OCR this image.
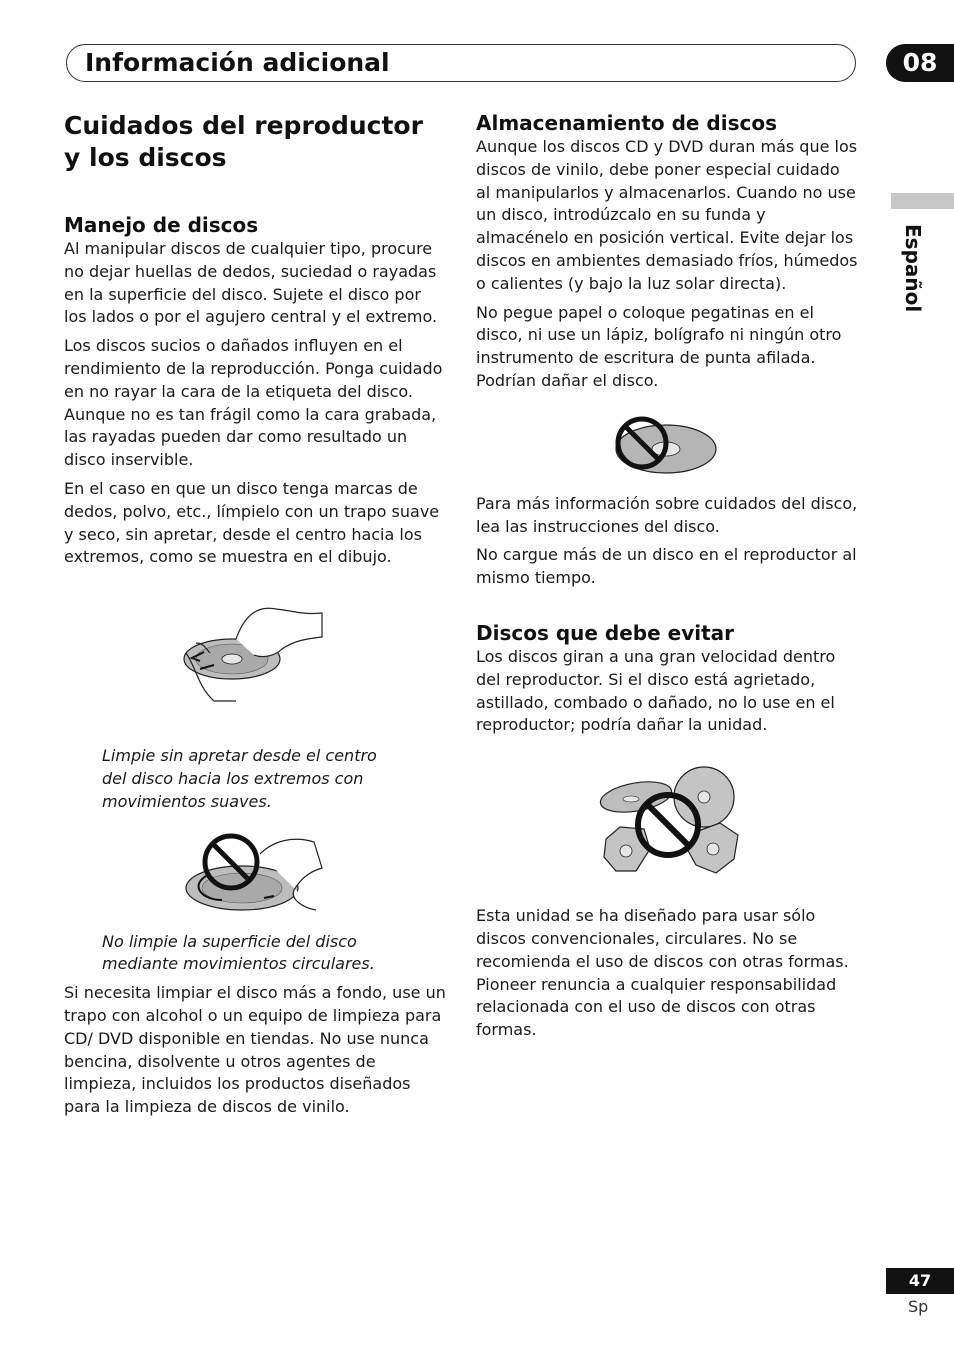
Información adicional	08
Español
Cuidados del reproductor y los discos
Manejo de discos

Al manipular discos de cualquier tipo, procure no dejar huellas de dedos, suciedad o rayadas en la superficie del disco. Sujete el disco por los lados o por el agujero central y el extremo.

Los discos sucios o dañados influyen en el rendimiento de la reproducción. Ponga cuidado en no rayar la cara de la etiqueta del disco. Aunque no es tan frágil como la cara grabada, las rayadas pueden dar como resultado un disco inservible.

En el caso en que un disco tenga marcas de dedos, polvo, etc., límpielo con un trapo suave y seco, sin apretar, desde el centro hacia los extremos, como se muestra en el dibujo.

Limpie sin apretar desde el centro del disco hacia los extremos con movimientos suaves.

No limpie la superficie del disco mediante movimientos circulares.

Si necesita limpiar el disco más a fondo, use un trapo con alcohol o un equipo de limpieza para CD/ DVD disponible en tiendas. No use nunca bencina, disolvente u otros agentes de limpieza, incluidos los productos diseñados para la limpieza de discos de vinilo.

Almacenamiento de discos

Aunque los discos CD y DVD duran más que los discos de vinilo, debe poner especial cuidado al manipularlos y almacenarlos. Cuando no use un disco, introdúzcalo en su funda y almacénelo en posición vertical. Evite dejar los discos en ambientes demasiado fríos, húmedos o calientes (y bajo la luz solar directa).

No pegue papel o coloque pegatinas en el disco, ni use un lápiz, bolígrafo ni ningún otro instrumento de escritura de punta afilada. Podrían dañar el disco.

Para más información sobre cuidados del disco, lea las instrucciones del disco.

No cargue más de un disco en el reproductor al mismo tiempo.

Discos que debe evitar

Los discos giran a una gran velocidad dentro del reproductor. Si el disco está agrietado, astillado, combado o dañado, no lo use en el reproductor; podría dañar la unidad.

Esta unidad se ha diseñado para usar sólo discos convencionales, circulares. No se recomienda el uso de discos con otras formas. Pioneer renuncia a cualquier responsabilidad relacionada con el uso de discos con otras formas.

47
Sp
